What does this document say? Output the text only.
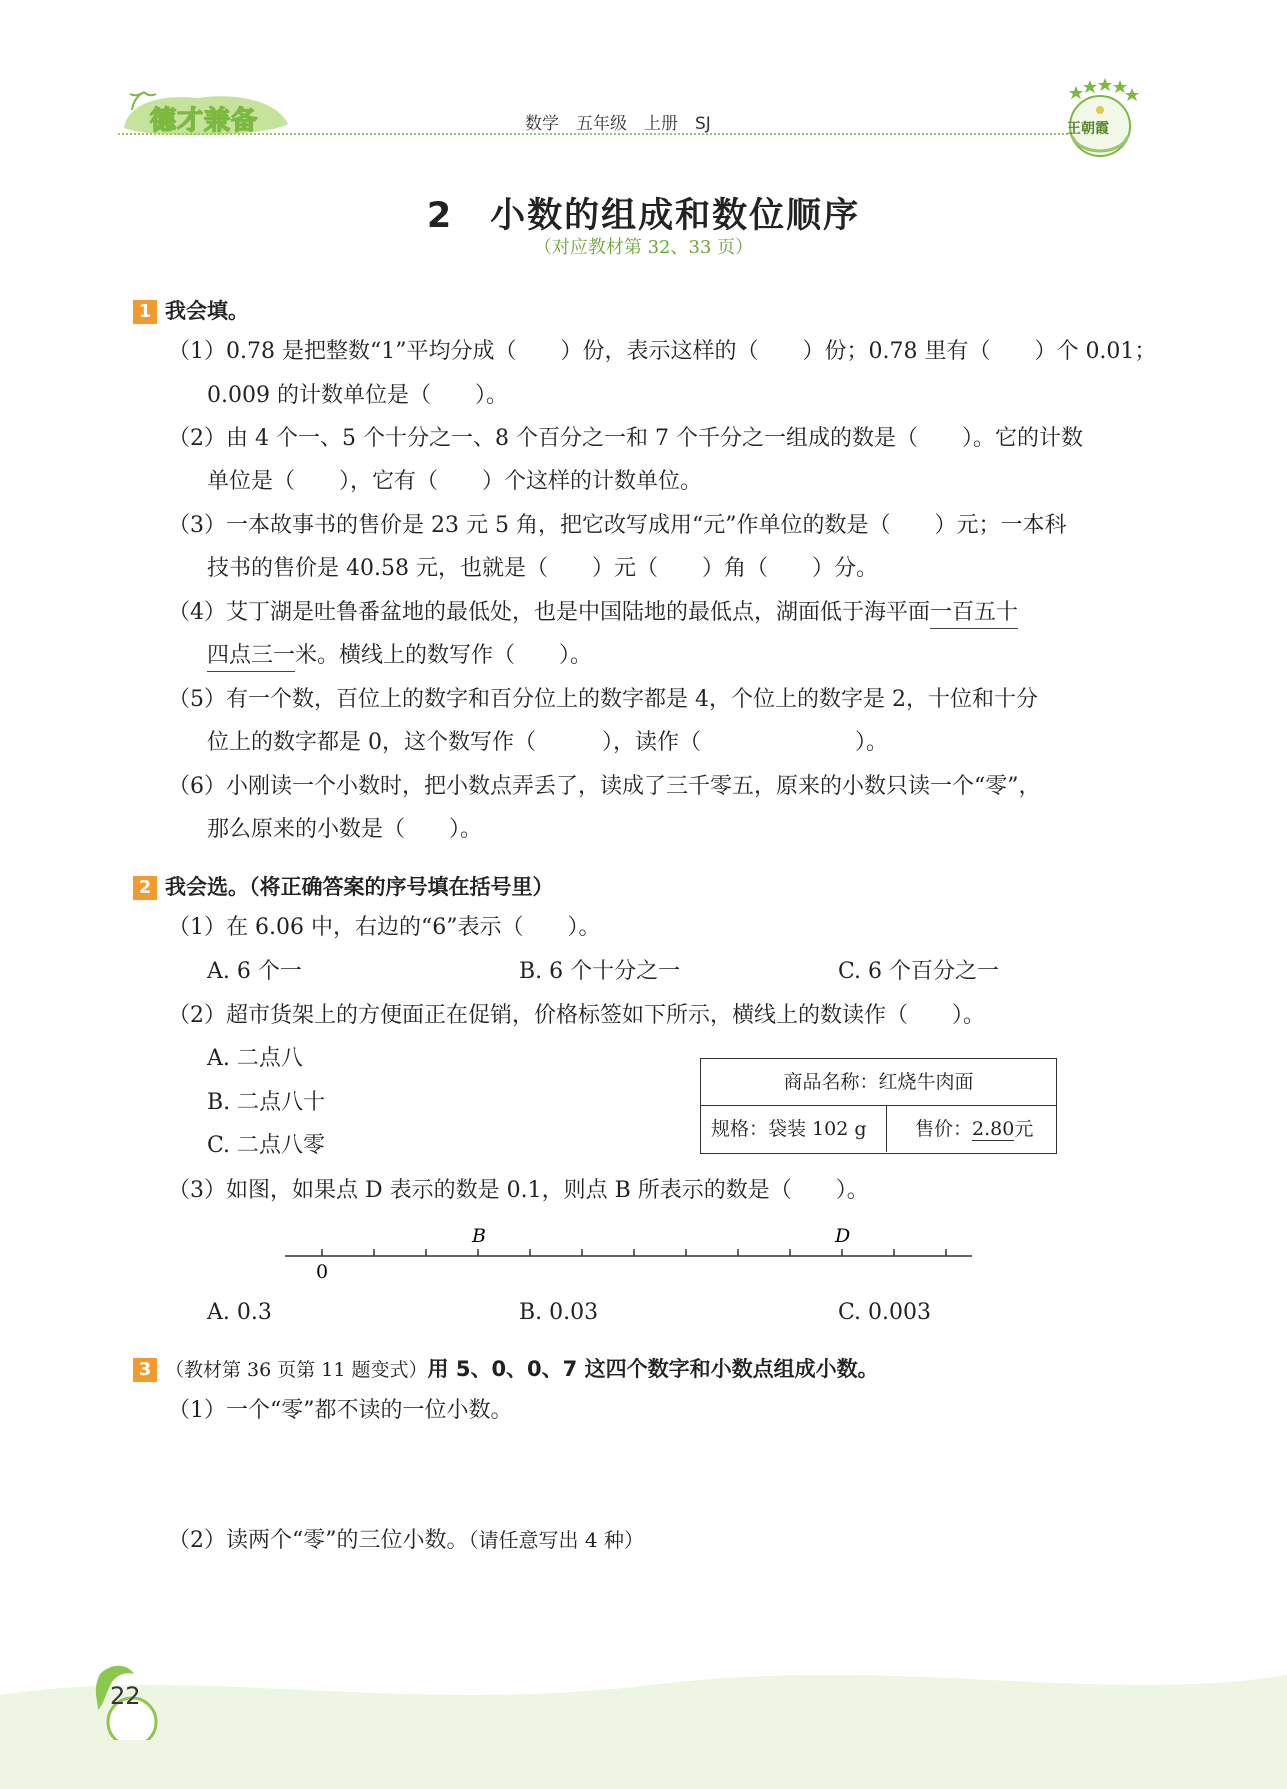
德才兼备	数学　五年级　上册　SJ	王朝霞
2　小数的组成和数位顺序
（对应教材第 32、33 页）
1 我会填。
（1）0.78 是把整数“1”平均分成（　　）份，表示这样的（　　）份；0.78 里有（　　）个 0.01；
0.009 的计数单位是（　　）。
（2）由 4 个一、5 个十分之一、8 个百分之一和 7 个千分之一组成的数是（　　）。它的计数
单位是（　　），它有（　　）个这样的计数单位。
（3）一本故事书的售价是 23 元 5 角，把它改写成用“元”作单位的数是（　　）元；一本科
技书的售价是 40.58 元，也就是（　　）元（　　）角（　　）分。
（4）艾丁湖是吐鲁番盆地的最低处，也是中国陆地的最低点，湖面低于海平面一百五十
四点三一米。横线上的数写作（　　）。
（5）有一个数，百位上的数字和百分位上的数字都是 4，个位上的数字是 2，十位和十分
位上的数字都是 0，这个数写作（　　　），读作（　　　　　　　）。
（6）小刚读一个小数时，把小数点弄丢了，读成了三千零五，原来的小数只读一个“零”，
那么原来的小数是（　　）。
2 我会选。（将正确答案的序号填在括号里）
（1）在 6.06 中，右边的“6”表示（　　）。
A. 6 个一	B. 6 个十分之一	C. 6 个百分之一
（2）超市货架上的方便面正在促销，价格标签如下所示，横线上的数读作（　　）。
A. 二点八
B. 二点八十
C. 二点八零
商品名称：红烧牛肉面
规格：袋装 102 g	售价：2.80元
（3）如图，如果点 D 表示的数是 0.1，则点 B 所表示的数是（　　）。
0
B	D
A. 0.3	B. 0.03	C. 0.003
3 （教材第 36 页第 11 题变式）用 5、0、0、7 这四个数字和小数点组成小数。
（1）一个“零”都不读的一位小数。
（2）读两个“零”的三位小数。（请任意写出 4 种）
22
